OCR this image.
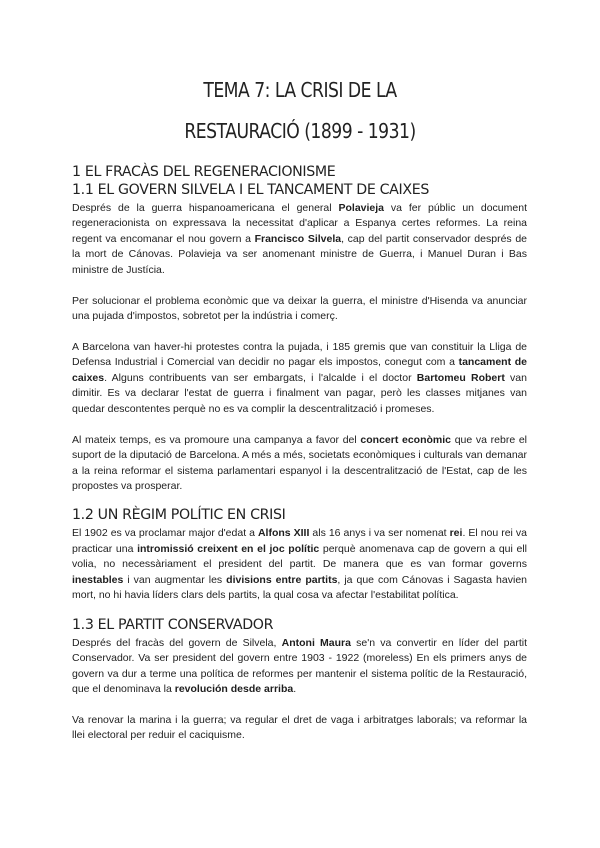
TEMA 7: LA CRISI DE LA
RESTAURACIÓ (1899 - 1931)
1 EL FRACÀS DEL REGENERACIONISME
1.1 EL GOVERN SILVELA I EL TANCAMENT DE CAIXES

Després de la guerra hispanoamericana el general Polavieja va fer públic un document regeneracionista on expressava la necessitat d'aplicar a Espanya certes reformes. La reina regent va encomanar el nou govern a Francisco Silvela, cap del partit conservador després de la mort de Cánovas. Polavieja va ser anomenant ministre de Guerra, i Manuel Duran i Bas ministre de Justícia.

Per solucionar el problema econòmic que va deixar la guerra, el ministre d'Hisenda va anunciar una pujada d'impostos, sobretot per la indústria i comerç.

A Barcelona van haver-hi protestes contra la pujada, i 185 gremis que van constituir la Lliga de Defensa Industrial i Comercial van decidir no pagar els impostos, conegut com a tancament de caixes. Alguns contribuents van ser embargats, i l'alcalde i el doctor Bartomeu Robert van dimitir. Es va declarar l'estat de guerra i finalment van pagar, però les classes mitjanes van quedar descontentes perquè no es va complir la descentralització i promeses.

Al mateix temps, es va promoure una campanya a favor del concert econòmic que va rebre el suport de la diputació de Barcelona. A més a més, societats econòmiques i culturals van demanar a la reina reformar el sistema parlamentari espanyol i la descentralització de l'Estat, cap de les propostes va prosperar.

1.2 UN RÈGIM POLÍTIC EN CRISI

El 1902 es va proclamar major d'edat a Alfons XIII als 16 anys i va ser nomenat rei. El nou rei va practicar una intromissió creixent en el joc polític perquè anomenava cap de govern a qui ell volia, no necessàriament el president del partit. De manera que es van formar governs inestables i van augmentar les divisions entre partits, ja que com Cánovas i Sagasta havien mort, no hi havia líders clars dels partits, la qual cosa va afectar l'estabilitat política.

1.3 EL PARTIT CONSERVADOR

Després del fracàs del govern de Silvela, Antoni Maura se'n va convertir en líder del partit Conservador. Va ser president del govern entre 1903 - 1922 (moreless) En els primers anys de govern va dur a terme una política de reformes per mantenir el sistema polític de la Restauració, que el denominava la revolución desde arriba.

Va renovar la marina i la guerra; va regular el dret de vaga i arbitratges laborals; va reformar la llei electoral per reduir el caciquisme.
